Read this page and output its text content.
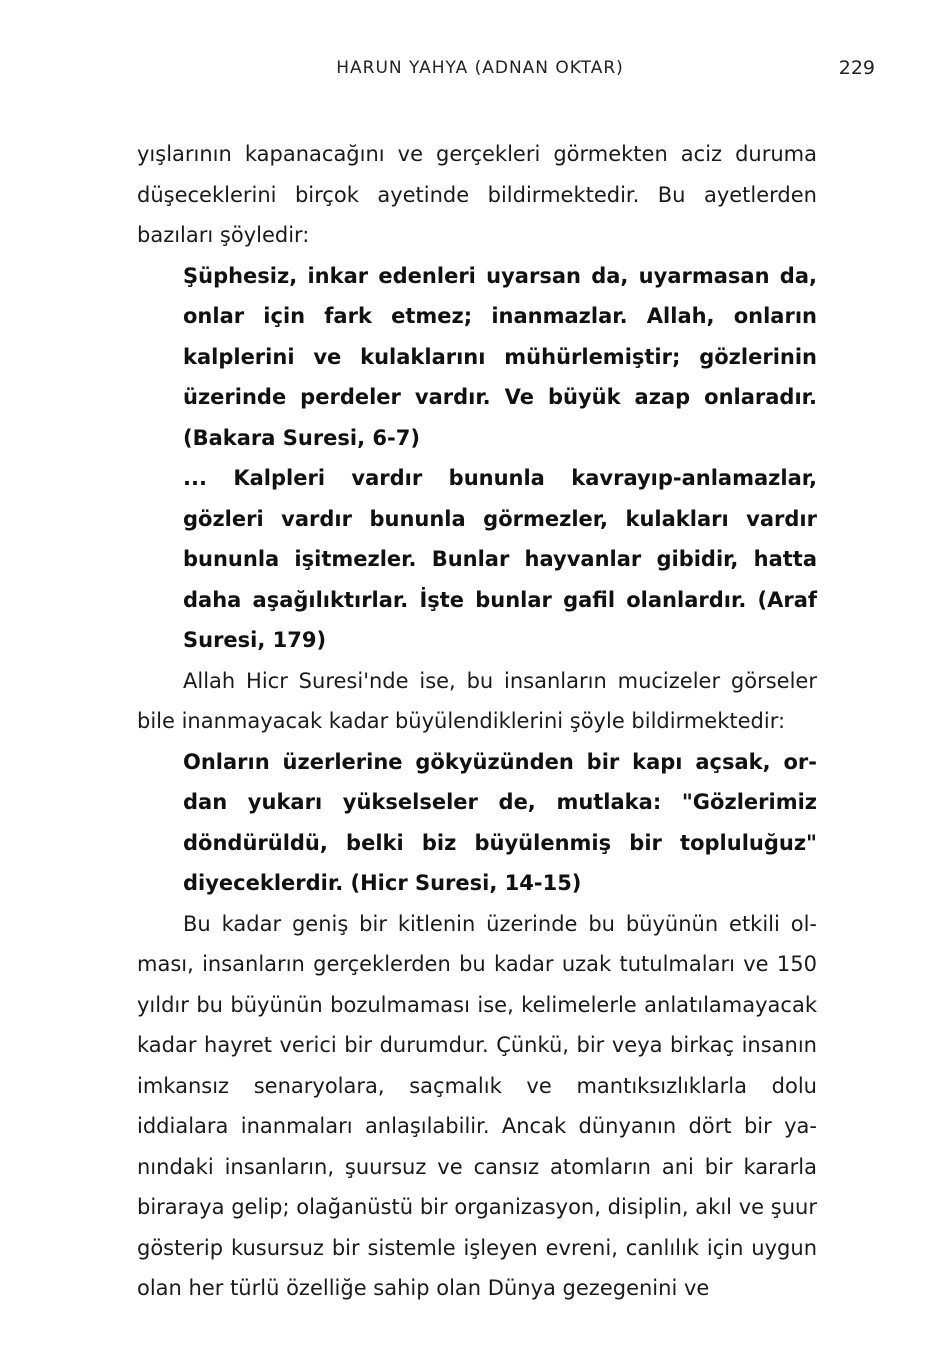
HARUN YAHYA (ADNAN OKTAR)	229

yışlarının kapanacağını ve gerçekleri görmekten aciz duruma düşeceklerini birçok ayetinde bildirmektedir. Bu ayetlerden bazıları şöyledir:

Şüphesiz, inkar edenleri uyarsan da, uyarmasan da, onlar için fark etmez; inanmazlar. Allah, onların kalplerini ve kulaklarını mühürlemiştir; gözlerinin üzerinde perdeler vardır. Ve büyük azap onlaradır. (Bakara Suresi, 6-7)
... Kalpleri vardır bununla kavrayıp-anlamazlar, gözleri vardır bununla görmezler, kulakları vardır bununla işitmezler. Bunlar hayvanlar gibidir, hatta daha aşağılıktırlar. İşte bunlar gafil olanlardır. (Araf Suresi, 179)

Allah Hicr Suresi'nde ise, bu insanların mucizeler görseler bile inanmayacak kadar büyülendiklerini şöyle bildirmektedir:

Onların üzerlerine gökyüzünden bir kapı açsak, ordan yukarı yükselseler de, mutlaka: "Gözlerimiz döndürüldü, belki biz büyülenmiş bir topluluğuz" diyeceklerdir. (Hicr Suresi, 14-15)

Bu kadar geniş bir kitlenin üzerinde bu büyünün etkili olması, insanların gerçeklerden bu kadar uzak tutulmaları ve 150 yıldır bu büyünün bozulmaması ise, kelimelerle anlatılamayacak kadar hayret verici bir durumdur. Çünkü, bir veya birkaç insanın imkansız senaryolara, saçmalık ve mantıksızlıklarla dolu iddialara inanmaları anlaşılabilir. Ancak dünyanın dört bir yanındaki insanların, şuursuz ve cansız atomların ani bir kararla biraraya gelip; olağanüstü bir organizasyon, disiplin, akıl ve şuur gösterip kusursuz bir sistemle işleyen evreni, canlılık için uygun olan her türlü özelliğe sahip olan Dünya gezegenini ve
